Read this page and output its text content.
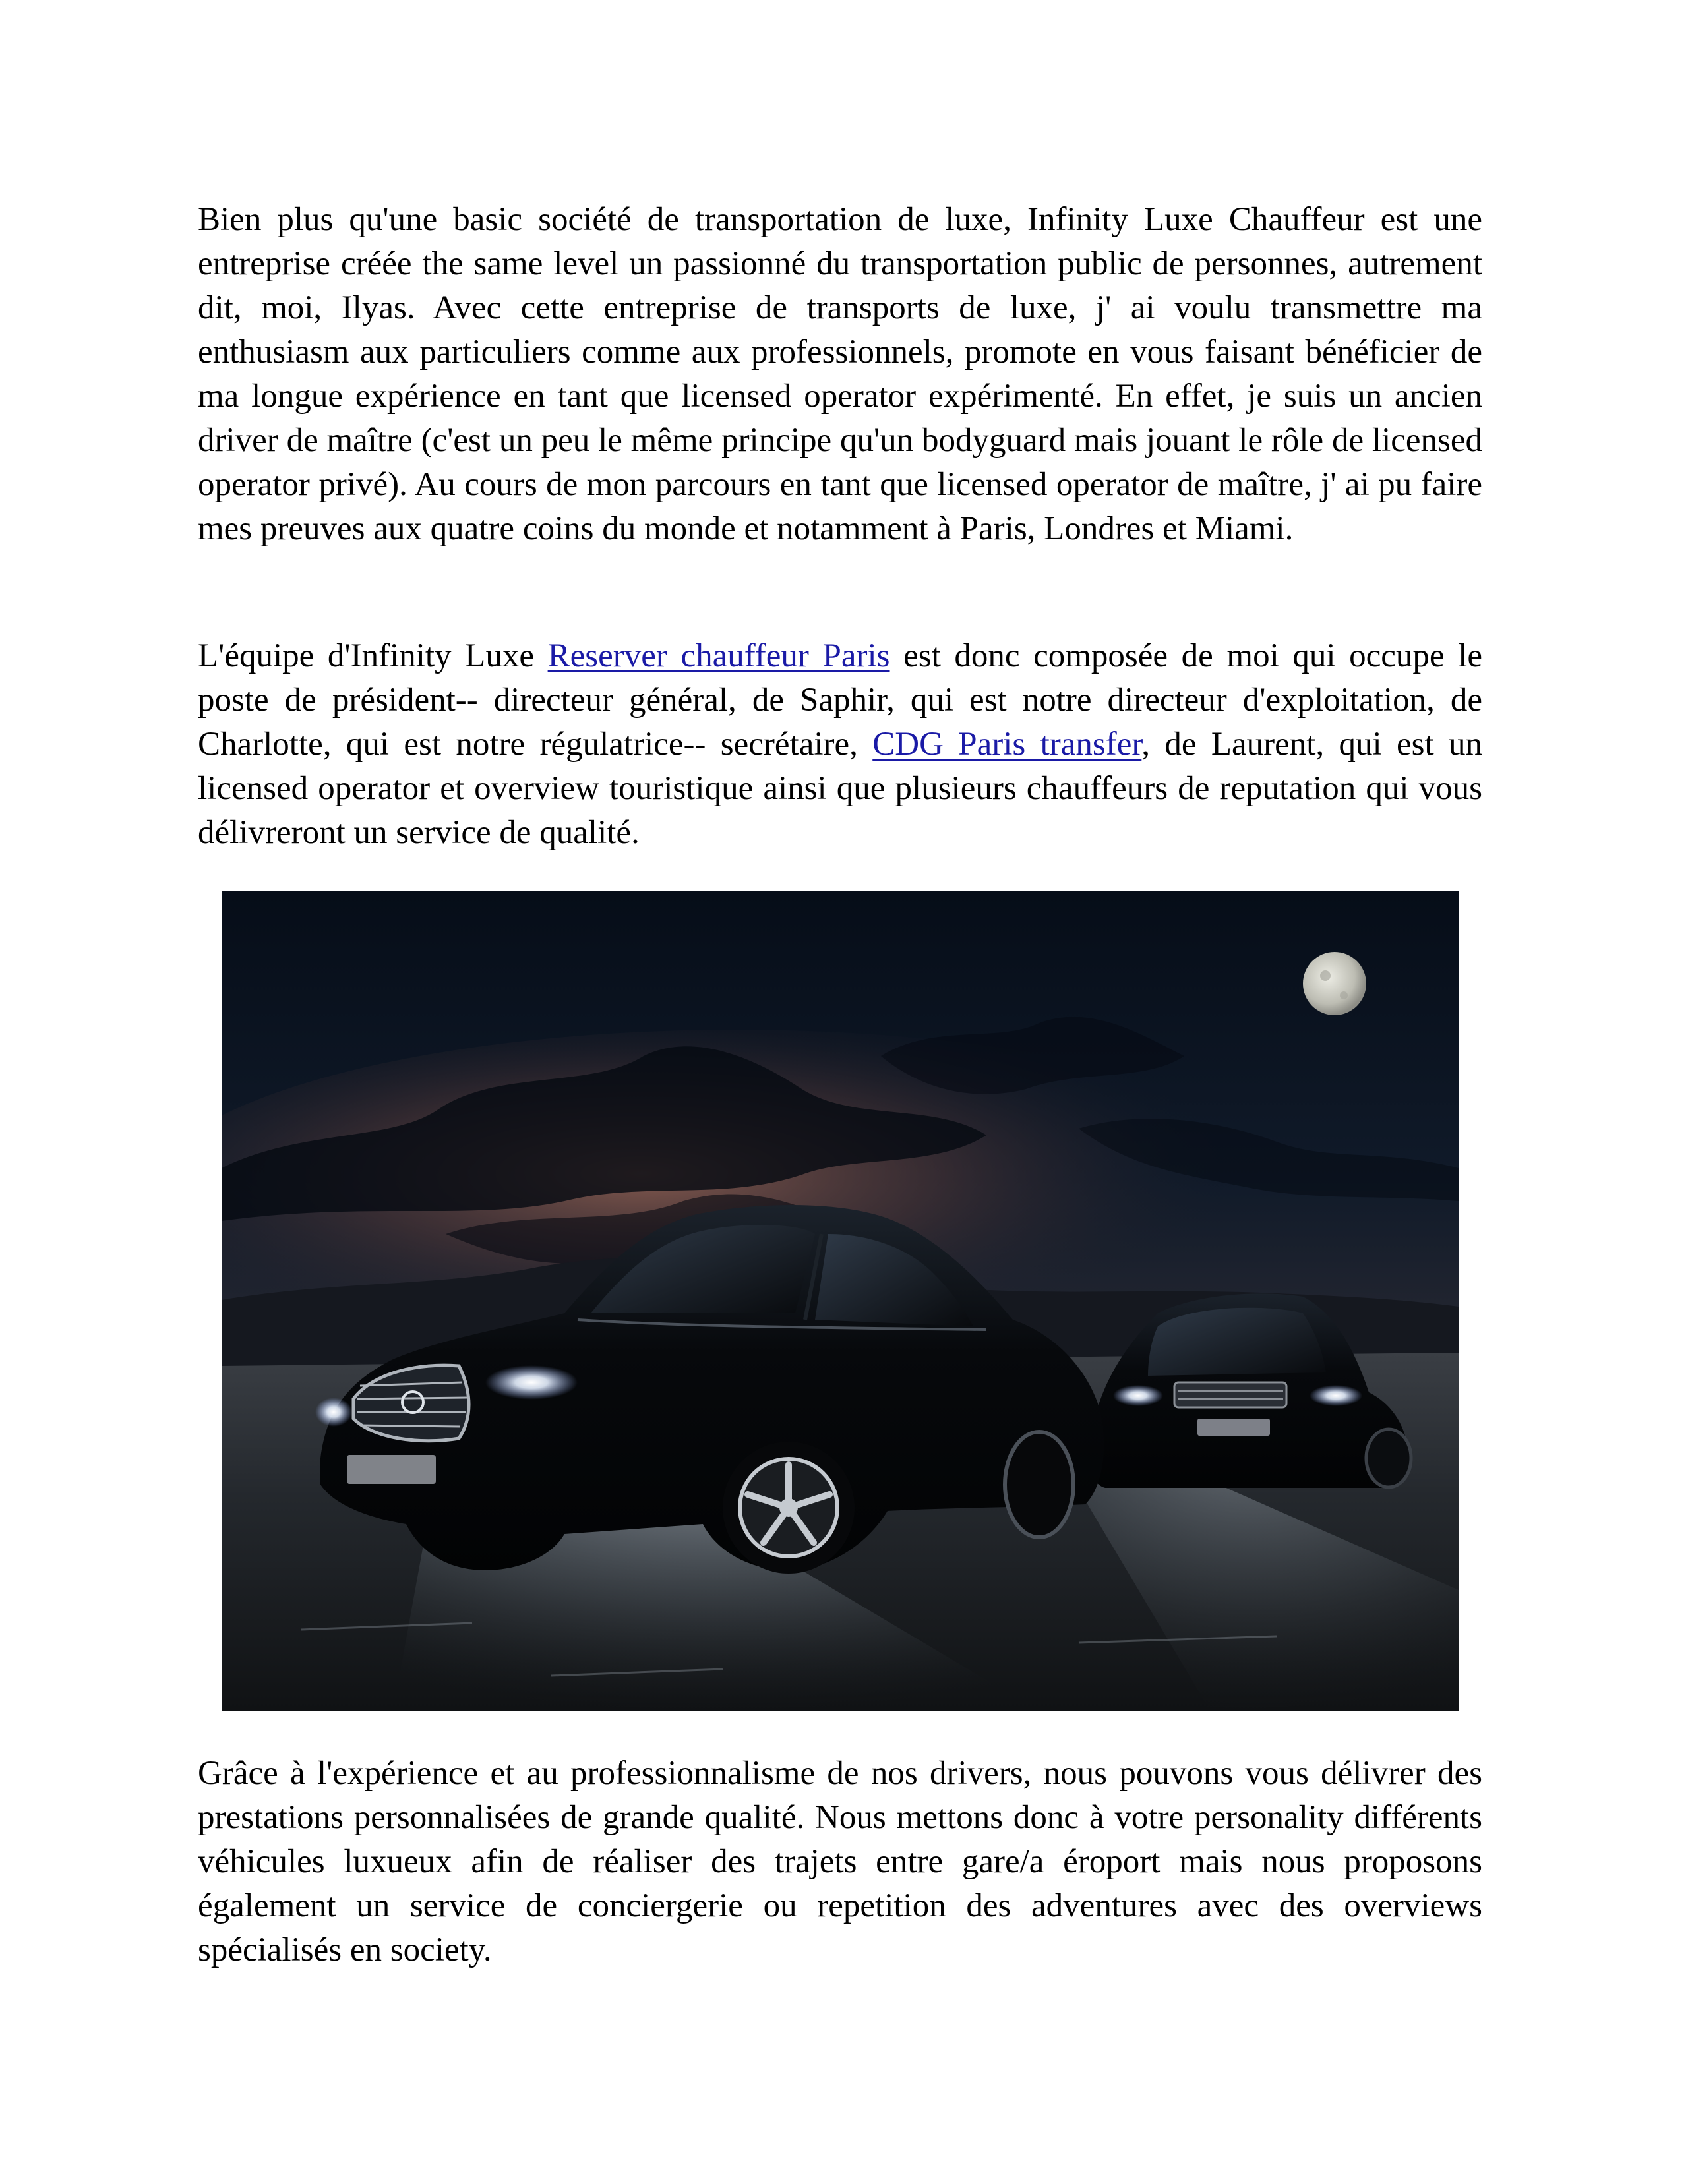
Bien plus qu'une basic société de transportation de luxe, Infinity Luxe Chauffeur est une entreprise créée the same level un passionné du transportation public de personnes, autrement dit, moi, Ilyas. Avec cette entreprise de transports de luxe, j' ai voulu transmettre ma enthusiasm aux particuliers comme aux professionnels, promote en vous faisant bénéficier de ma longue expérience en tant que licensed operator expérimenté. En effet, je suis un ancien driver de maître (c'est un peu le même principe qu'un bodyguard mais jouant le rôle de licensed operator privé). Au cours de mon parcours en tant que licensed operator de maître, j' ai pu faire mes preuves aux quatre coins du monde et notamment à Paris, Londres et Miami.

L'équipe d'Infinity Luxe Reserver chauffeur Paris est donc composée de moi qui occupe le poste de président-- directeur général, de Saphir, qui est notre directeur d'exploitation, de Charlotte, qui est notre régulatrice-- secrétaire, CDG Paris transfer, de Laurent, qui est un licensed operator et overview touristique ainsi que plusieurs chauffeurs de reputation qui vous délivreront un service de qualité.

Grâce à l'expérience et au professionnalisme de nos drivers, nous pouvons vous délivrer des prestations personnalisées de grande qualité. Nous mettons donc à votre personality différents véhicules luxueux afin de réaliser des trajets entre gare/a éroport mais nous proposons également un service de conciergerie ou repetition des adventures avec des overviews spécialisés en society.
